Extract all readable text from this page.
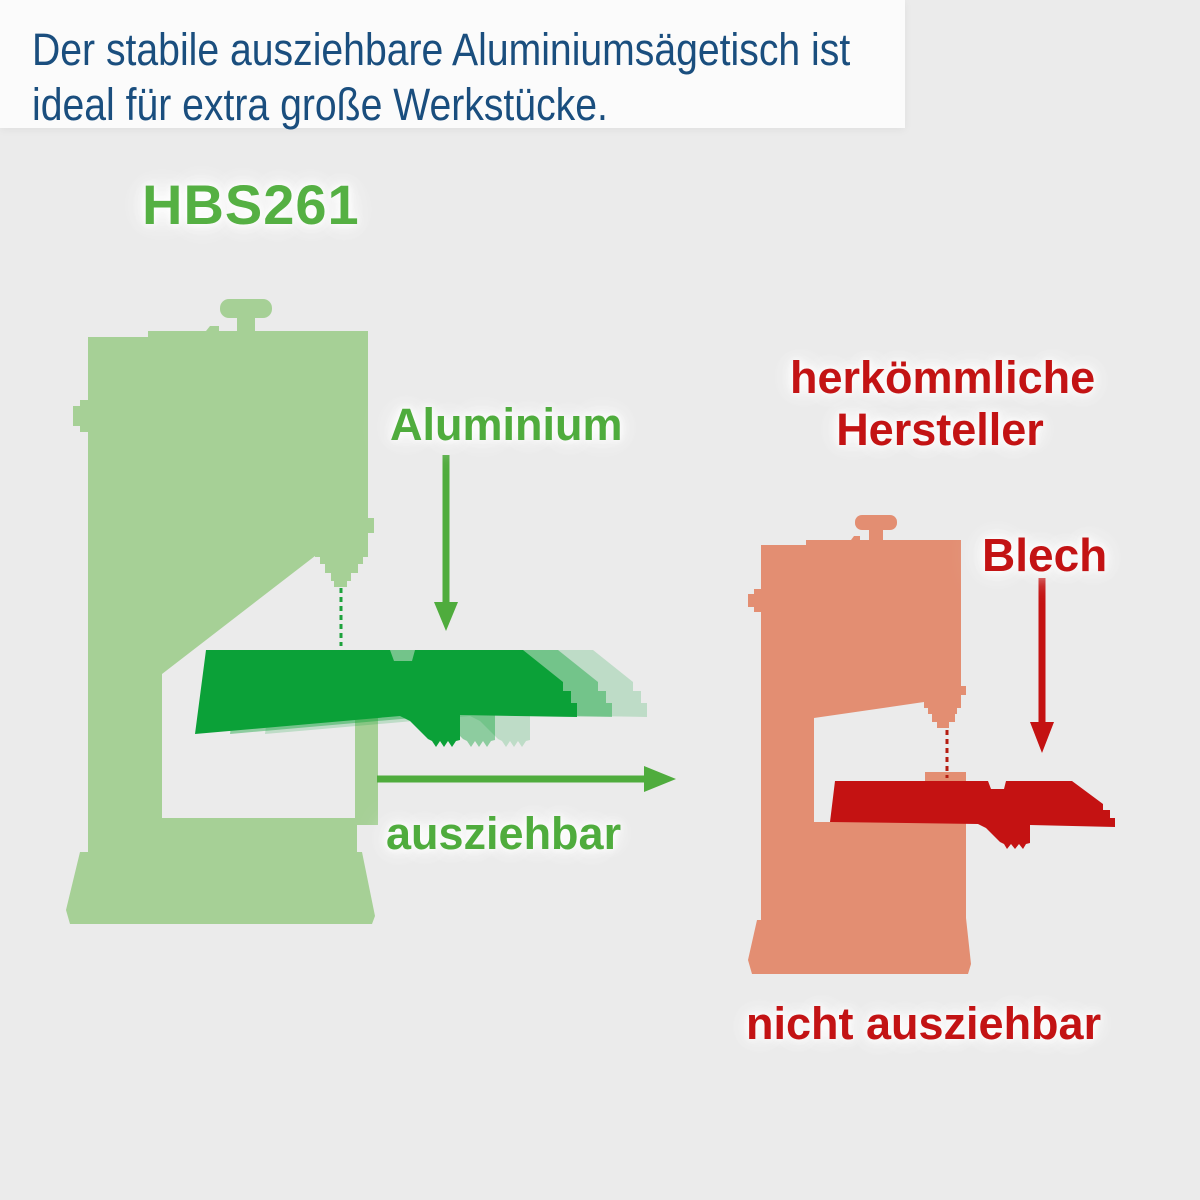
Der stabile ausziehbare Aluminiumsägetisch ist
ideal für extra große Werkstücke.
HBS261
Aluminium
ausziehbar
herkömmliche
Hersteller
Blech
nicht ausziehbar
